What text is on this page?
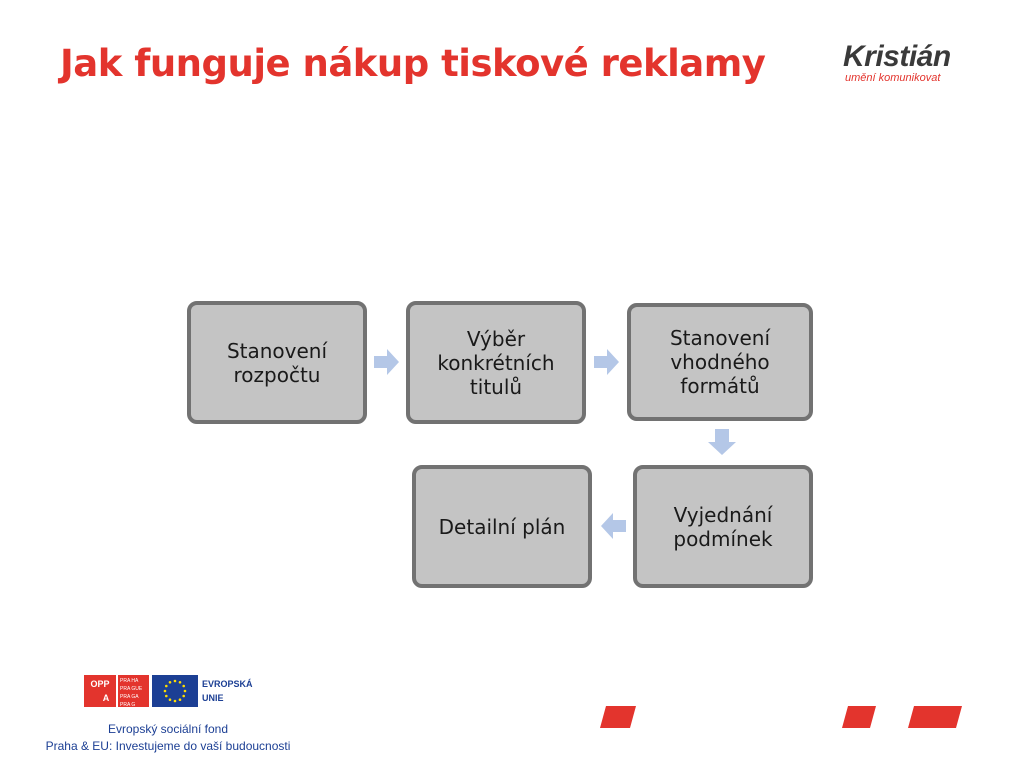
Jak funguje nákup tiskové reklamy	Kristián
umění komunikovat
Stanovení rozpočtu
Výběr konkrétních titulů
Stanovení vhodného formátů
Vyjednání podmínek
Detailní plán
OPP
A
PRA HA
PRA GUE
PRA GA
PRA G
EVROPSKÁ
UNIE
Evropský sociální fond
Praha & EU: Investujeme do vaší budoucnosti
